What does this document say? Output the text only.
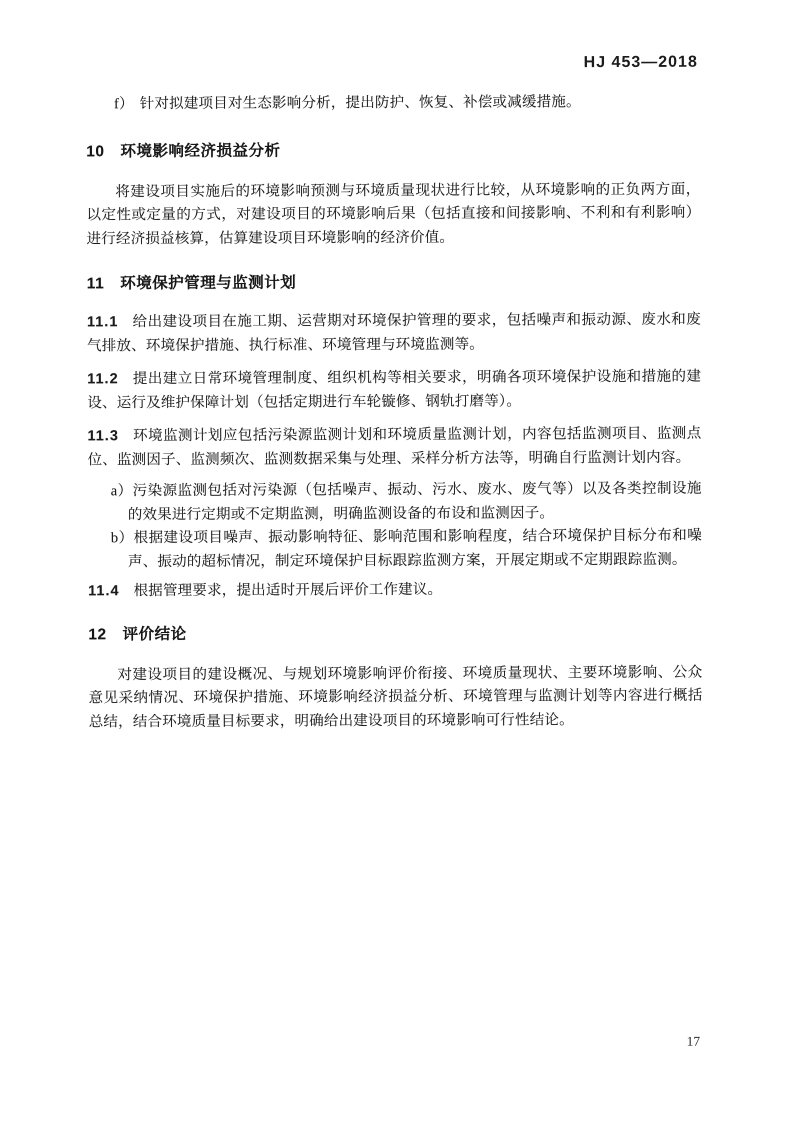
HJ 453—2018

f） 针对拟建项目对生态影响分析，提出防护、恢复、补偿或减缓措施。

10 环境影响经济损益分析

将建设项目实施后的环境影响预测与环境质量现状进行比较，从环境影响的正负两方面，以定性或定量的方式，对建设项目的环境影响后果（包括直接和间接影响、不利和有利影响）进行经济损益核算，估算建设项目环境影响的经济价值。

11 环境保护管理与监测计划

11.1 给出建设项目在施工期、运营期对环境保护管理的要求，包括噪声和振动源、废水和废气排放、环境保护措施、执行标准、环境管理与环境监测等。

11.2 提出建立日常环境管理制度、组织机构等相关要求，明确各项环境保护设施和措施的建设、运行及维护保障计划（包括定期进行车轮镟修、钢轨打磨等）。

11.3 环境监测计划应包括污染源监测计划和环境质量监测计划，内容包括监测项目、监测点位、监测因子、监测频次、监测数据采集与处理、采样分析方法等，明确自行监测计划内容。

a）污染源监测包括对污染源（包括噪声、振动、污水、废水、废气等）以及各类控制设施的效果进行定期或不定期监测，明确监测设备的布设和监测因子。

b）根据建设项目噪声、振动影响特征、影响范围和影响程度，结合环境保护目标分布和噪声、振动的超标情况，制定环境保护目标跟踪监测方案，开展定期或不定期跟踪监测。

11.4 根据管理要求，提出适时开展后评价工作建议。

12 评价结论

对建设项目的建设概况、与规划环境影响评价衔接、环境质量现状、主要环境影响、公众意见采纳情况、环境保护措施、环境影响经济损益分析、环境管理与监测计划等内容进行概括总结，结合环境质量目标要求，明确给出建设项目的环境影响可行性结论。

17
